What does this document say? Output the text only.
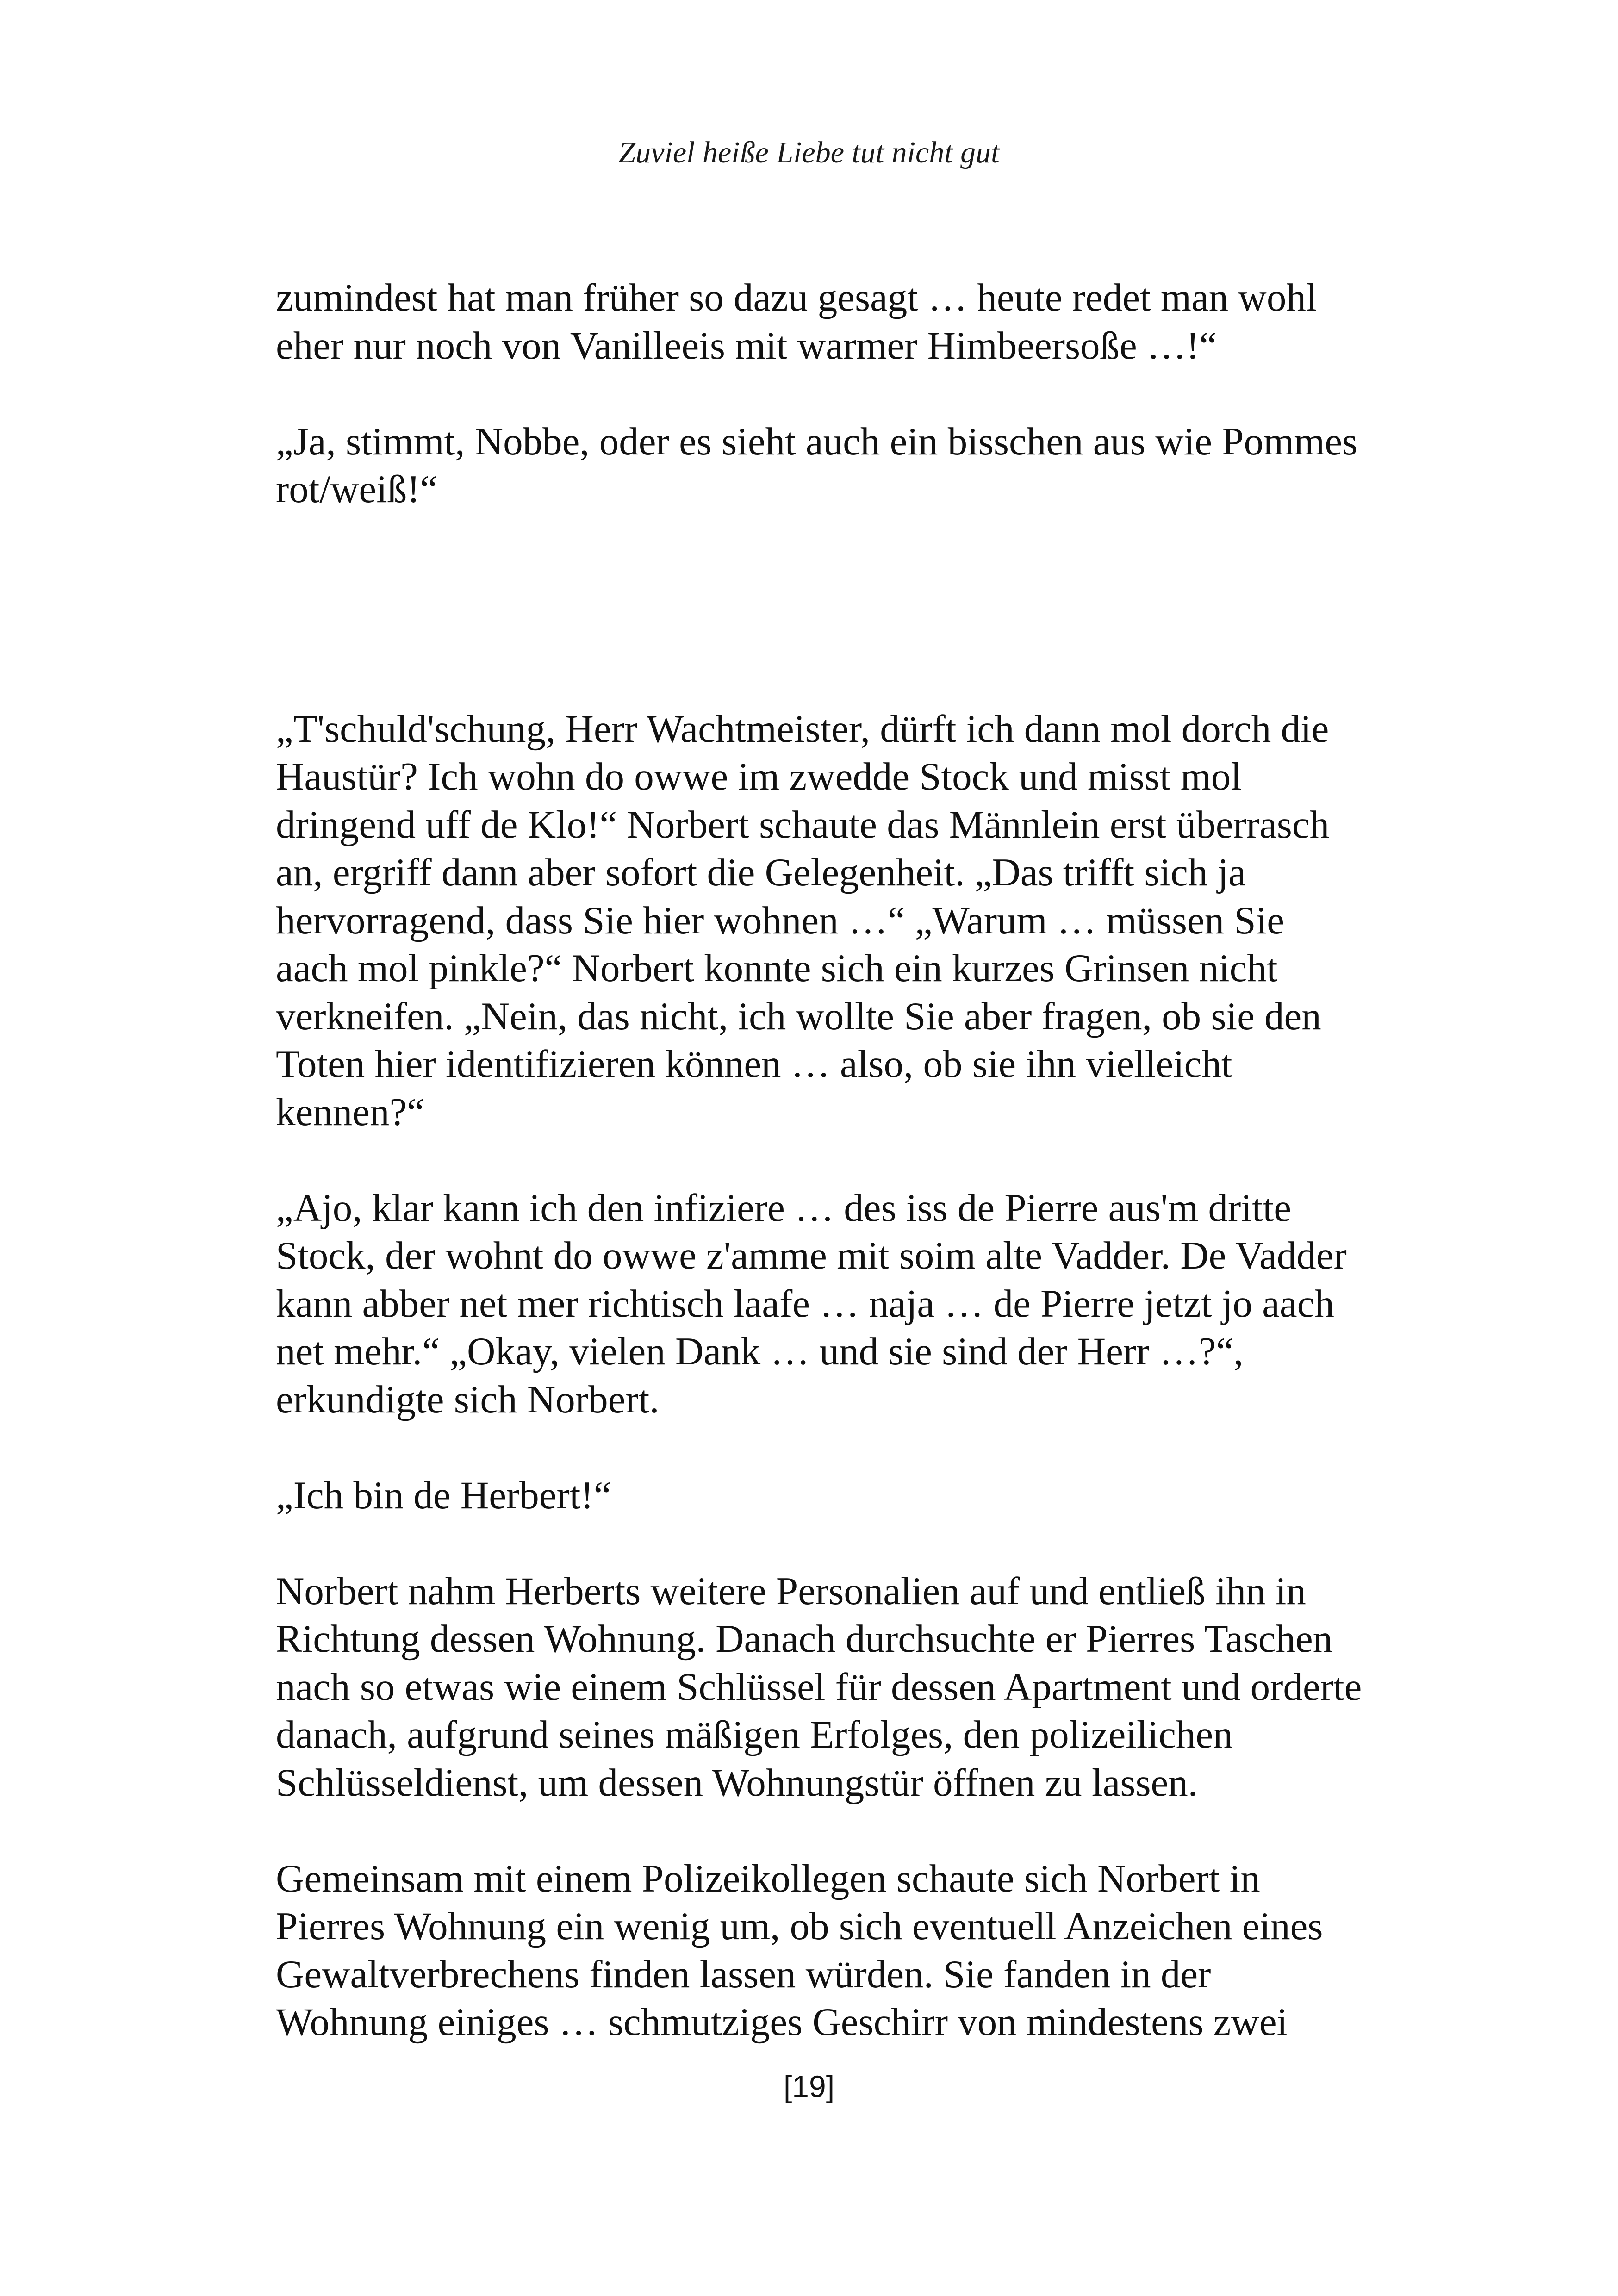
Zuviel heiße Liebe tut nicht gut

zumindest hat man früher so dazu gesagt … heute redet man wohl

eher nur noch von Vanilleeis mit warmer Himbeersoße …!“

„Ja, stimmt, Nobbe, oder es sieht auch ein bisschen aus wie Pommes

rot/weiß!“

„T'schuld'schung, Herr Wachtmeister, dürft ich dann mol dorch die

Haustür? Ich wohn do owwe im zwedde Stock und misst mol

dringend uff de Klo!“ Norbert schaute das Männlein erst überrasch

an, ergriff dann aber sofort die Gelegenheit. „Das trifft sich ja

hervorragend, dass Sie hier wohnen …“ „Warum … müssen Sie

aach mol pinkle?“ Norbert konnte sich ein kurzes Grinsen nicht

verkneifen. „Nein, das nicht, ich wollte Sie aber fragen, ob sie den

Toten hier identifizieren können … also, ob sie ihn vielleicht

kennen?“

„Ajo, klar kann ich den infiziere … des iss de Pierre aus'm dritte

Stock, der wohnt do owwe z'amme mit soim alte Vadder. De Vadder

kann abber net mer richtisch laafe … naja … de Pierre jetzt jo aach

net mehr.“ „Okay, vielen Dank … und sie sind der Herr …?“,

erkundigte sich Norbert.

„Ich bin de Herbert!“

Norbert nahm Herberts weitere Personalien auf und entließ ihn in

Richtung dessen Wohnung. Danach durchsuchte er Pierres Taschen

nach so etwas wie einem Schlüssel für dessen Apartment und orderte

danach, aufgrund seines mäßigen Erfolges, den polizeilichen

Schlüsseldienst, um dessen Wohnungstür öffnen zu lassen.

Gemeinsam mit einem Polizeikollegen schaute sich Norbert in

Pierres Wohnung ein wenig um, ob sich eventuell Anzeichen eines

Gewaltverbrechens finden lassen würden. Sie fanden in der

Wohnung einiges … schmutziges Geschirr von mindestens zwei

[19]
